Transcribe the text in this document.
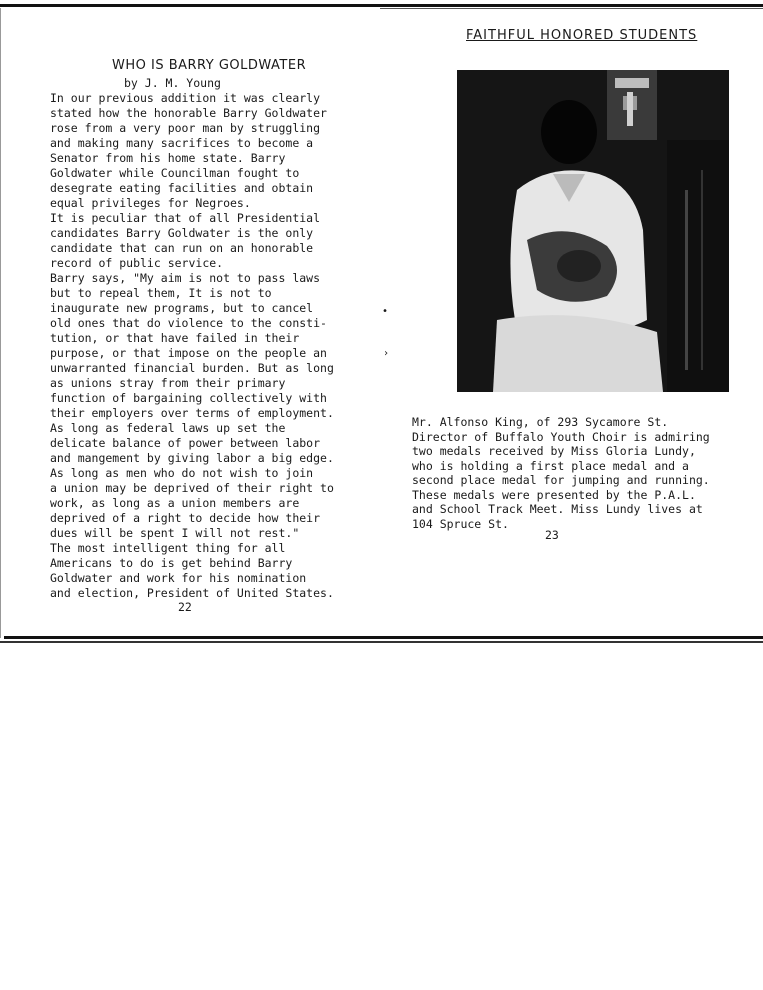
WHO IS BARRY GOLDWATER
by J. M. Young
In our previous addition it was clearly
stated how the honorable Barry Goldwater
rose from a very poor man by struggling
and making many sacrifices to become a
Senator from his home state. Barry
Goldwater while Councilman fought to
desegrate eating facilities and obtain
equal privileges for Negroes.
It is peculiar that of all Presidential
candidates Barry Goldwater is the only
candidate that can run on an honorable
record of public service.
Barry says, "My aim is not to pass laws
but to repeal them, It is not to
inaugurate new programs, but to cancel
old ones that do violence to the consti-
tution, or that have failed in their
purpose, or that impose on the people an
unwarranted financial burden. But as long
as unions stray from their primary
function of bargaining collectively with
their employers over terms of employment.
As long as federal laws up set the
delicate balance of power between labor
and mangement by giving labor a big edge.
As long as men who do not wish to join
a union may be deprived of their right to
work, as long as a union members are
deprived of a right to decide how their
dues will be spent I will not rest."
The most intelligent thing for all
Americans to do is get behind Barry
Goldwater and work for his nomination
and election, President of United States.
22
•
›
FAITHFUL HONORED STUDENTS
Mr. Alfonso King, of 293 Sycamore St.
Director of Buffalo Youth Choir is admiring
two medals received by Miss Gloria Lundy,
who is holding a first place medal and a
second place medal for jumping and running.
These medals were presented by the P.A.L.
and School Track Meet. Miss Lundy lives at
104 Spruce St.
23
